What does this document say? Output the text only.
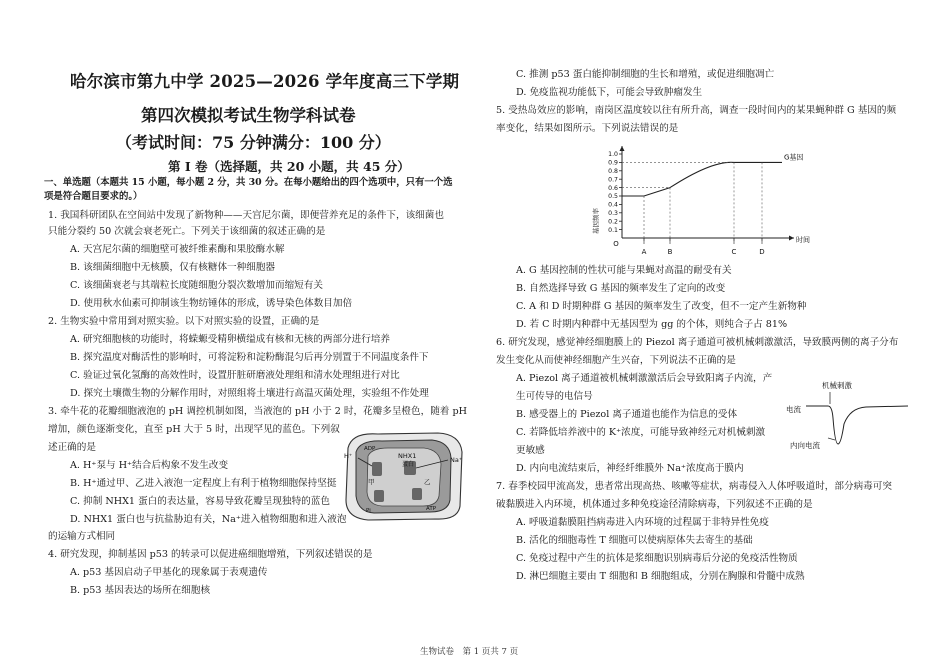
哈尔滨市第九中学 2025—2026 学年度高三下学期
第四次模拟考试生物学科试卷
（考试时间：75 分钟满分：100 分）
第 I 卷（选择题，共 20 小题，共 45 分）
一、单选题（本题共 15 小题，每小题 2 分，共 30 分。在每小题给出的四个选项中，只有一个选
项是符合题目要求的。）
1. 我国科研团队在空间站中发现了新物种——天宫尼尔菌，即便营养充足的条件下，该细菌也
只能分裂约 50 次就会衰老死亡。下列关于该细菌的叙述正确的是
A. 天宫尼尔菌的细胞壁可被纤维素酶和果胶酶水解
B. 该细菌细胞中无核膜，仅有核糖体一种细胞器
C. 该细菌衰老与其端粒长度随细胞分裂次数增加而缩短有关
D. 使用秋水仙素可抑制该生物纺锤体的形成，诱导染色体数目加倍
2. 生物实验中常用到对照实验。以下对照实验的设置，正确的是
A. 研究细胞核的功能时，将蝾螈受精卵横缢成有核和无核的两部分进行培养
B. 探究温度对酶活性的影响时，可将淀粉和淀粉酶混匀后再分别置于不同温度条件下
C. 验证过氧化氢酶的高效性时，设置肝脏研磨液处理组和清水处理组进行对比
D. 探究土壤微生物的分解作用时，对照组将土壤进行高温灭菌处理，实验组不作处理
3. 牵牛花的花瓣细胞液泡的 pH 调控机制如图，当液泡的 pH 小于 2 时，花瓣多呈橙色，随着 pH
增加，颜色逐渐变化，直至 pH 大于 5 时，出现罕见的蓝色。下列叙
述正确的是
A. H⁺泵与 H⁺结合后构象不发生改变
B. H⁺通过甲、乙进入液泡一定程度上有利于植物细胞保持坚挺
C. 抑制 NHX1 蛋白的表达量，容易导致花瓣呈现独特的蓝色
D. NHX1 蛋白也与抗盐胁迫有关，Na⁺进入植物细胞和进入液泡
的运输方式相同
NHX1
蛋白
H⁺	Na⁺
ADP
Pi	ATP
甲	乙
4. 研究发现，抑制基因 p53 的转录可以促进癌细胞增殖，下列叙述错误的是
A. p53 基因启动子甲基化的现象属于表观遗传
B. p53 基因表达的场所在细胞核
C. 推测 p53 蛋白能抑制细胞的生长和增殖，或促进细胞凋亡
D. 免疫监视功能低下，可能会导致肿瘤发生
5. 受热岛效应的影响，南岗区温度较以往有所升高，调查一段时间内的某果蝇种群 G 基因的频
率变化，结果如图所示。下列说法错误的是
基因频率 0.1
0.2
0.3
0.4
0.5
0.6
0.7
0.8
0.9
1.0
O
A	B	C	D
时间
G基因
A. G 基因控制的性状可能与果蝇对高温的耐受有关
B. 自然选择导致 G 基因的频率发生了定向的改变
C. A 和 D 时期种群 G 基因的频率发生了改变，但不一定产生新物种
D. 若 C 时期内种群中无基因型为 gg 的个体，则纯合子占 81%
6. 研究发现，感觉神经细胞膜上的 Piezol 离子通道可被机械刺激激活，导致膜两侧的离子分布
发生变化从而使神经细胞产生兴奋，下列说法不正确的是
A. Piezol 离子通道被机械刺激激活后会导致阳离子内流，产
生可传导的电信号
B. 感受器上的 Piezol 离子通道也能作为信息的受体
C. 若降低培养液中的 K⁺浓度，可能导致神经元对机械刺激
更敏感
D. 内向电流结束后，神经纤维膜外 Na⁺浓度高于膜内
机械刺激
电流
内向电流
7. 春季校园甲流高发，患者常出现高热、咳嗽等症状，病毒侵入人体呼吸道时，部分病毒可突
破黏膜进入内环境，机体通过多种免疫途径清除病毒，下列叙述不正确的是
A. 呼吸道黏膜阻挡病毒进入内环境的过程属于非特异性免疫
B. 活化的细胞毒性 T 细胞可以使病原体失去寄生的基础
C. 免疫过程中产生的抗体是浆细胞识别病毒后分泌的免疫活性物质
D. 淋巴细胞主要由 T 细胞和 B 细胞组成，分别在胸腺和骨髓中成熟
生物试卷　第 1 页共 7 页
